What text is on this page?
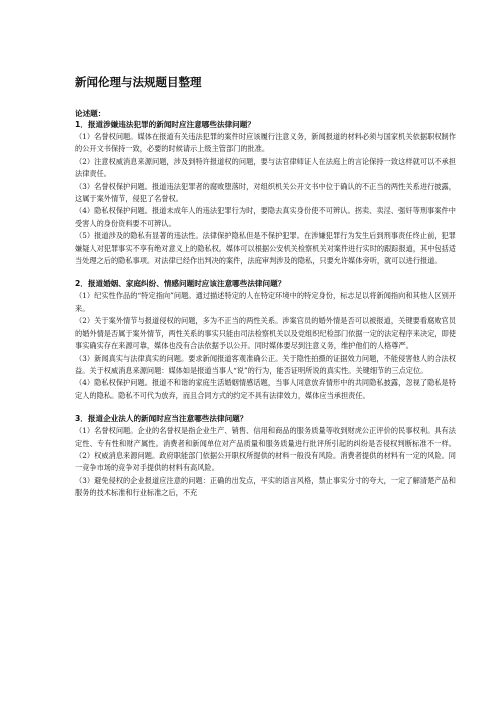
新闻伦理与法规题目整理

论述题：

1．报道涉嫌违法犯罪的新闻时应注意哪些法律问题？

（1）名誉权问题。媒体在报道有关违法犯罪的案件时应该履行注意义务，新闻报道的材料必须与国家机关依据职权制作的公开文书保持一致，必要的时候请示上级主管部门的批准。

（2）注意权威消息来源问题，涉及到特许报道权的问题，要与法官律师证人在法庭上的言论保持一致这样就可以不承担法律责任。

（3）名誉权保护问题。报道违法犯罪者的腐败堕落时，对组织机关公开文书中位于确认的不正当的两性关系进行披露，这属于案外情节，侵犯了名誉权。

（4）隐私权保护问题。报道未成年人的违法犯罪行为时，要隐去真实身份使不可辨认。拐卖、卖淫、强奸等刑事案件中受害人的身份资料要不可辨认。

（5）报道涉及的隐私有显著的违法性。法律保护隐私但是不保护犯罪。在涉嫌犯罪行为发生后到刑事责任终止前，犯罪嫌疑人对犯罪事实不享有绝对意义上的隐私权。媒体可以根据公安机关检察机关对案件进行实时的跟踪报道，其中包括适当处理之后的隐私事项。对法律已经作出判决的案件，法庭审判涉及的隐私，只要允许媒体旁听，就可以进行报道。

2．报道婚姻、家庭纠纷、情感问题时应该注意哪些法律问题？

（1）纪实性作品的“特定指向”问题。通过描述特定的人在特定环境中的特定身份，标志足以将新闻指向和其他人区别开来。

（2）关于案外情节与报道侵权的问题，多为不正当的两性关系。涉案官员的婚外情是否可以被报道，关键要看腐败官员的婚外情是否属于案外情节，两性关系的事实只能由司法检察机关以及党组织纪检部门依据一定的法定程序来决定，即使事实确实存在来源可靠，媒体也没有合法依据予以公开。同时媒体要尽到注意义务，维护他们的人格尊严。

（3）新闻真实与法律真实的问题。要求新闻报道客观准确公正。关于隐性拍摄的证据效力问题，不能侵害他人的合法权益。关于权威消息来源问题：媒体如是报道当事人“说”的行为，能否证明所说的真实性。关键细节的三点定位。

（4）隐私权保护问题。报道不和谐的家庭生活婚姻情感话题，当事人同意放弃情形中的共同隐私披露，忽视了隐私是特定人的隐私。隐私不可代为放弃，而且合同方式的约定不具有法律效力，媒体应当承担责任。

3．报道企业法人的新闻时应当注意哪些法律问题？

（1）名誉权问题。企业的名誉权是指企业生产、销售、信用和商品的服务质量等收到财虎公正评价的民事权利。具有法定性、专有性和财产属性。消费者和新闻单位对产品质量和服务质量进行批评所引起的纠纷是否侵权判断标准不一样。（2）权威消息来源问题。政府职能部门依据公开职权所提供的材料一般没有风险。消费者提供的材料有一定的风险。同一竞争市场的竞争对手提供的材料有高风险。

（3）避免侵权的企业报道应注意的问题：正确的出发点，平实的语言风格，禁止事实分寸的夸大，一定了解清楚产品和服务的技术标准和行业标准之后，不充
